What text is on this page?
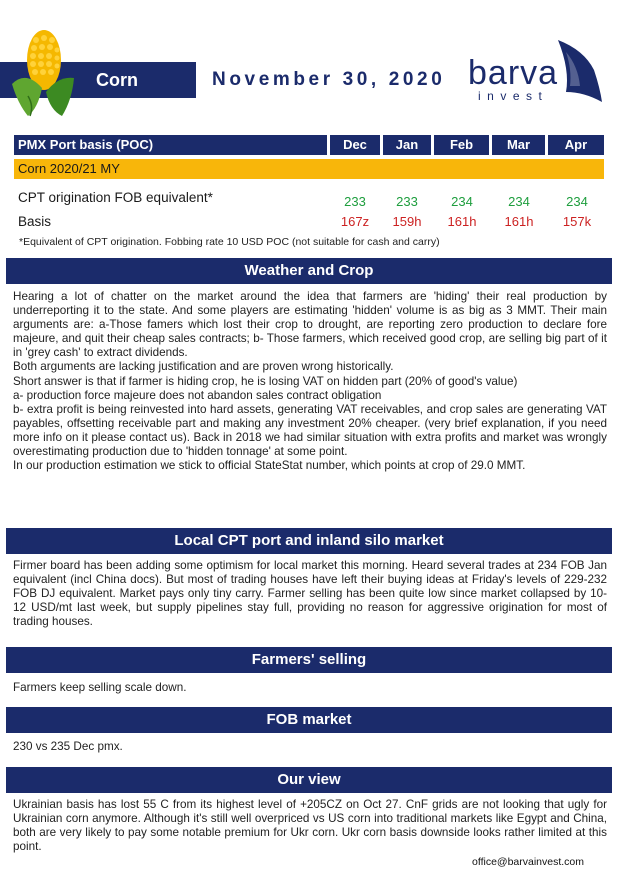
Corn	November 30, 2020 barva
invest
PMX Port basis (POC)	Dec	Jan	Feb	Mar	Apr
Corn 2020/21 MY
CPT origination FOB equivalent*	233	233	234	234	234
Basis	167z	159h	161h	161h	157k
*Equivalent of CPT origination. Fobbing rate 10 USD POC (not suitable for cash and carry)
Weather and Crop

Hearing a lot of chatter on the market around the idea that farmers are 'hiding' their real production by underreporting it to the state. And some players are estimating 'hidden' volume is as big as 3 MMT. Their main arguments are: a-Those famers which lost their crop to drought, are reporting zero production to declare fore majeure, and quit their cheap sales contracts; b- Those farmers, which received good crop, are selling big part of it in 'grey cash' to extract dividends.

Both arguments are lacking justification and are proven wrong historically.

Short answer is that if farmer is hiding crop, he is losing VAT on hidden part (20% of good's value)

a- production force majeure does not abandon sales contract obligation

b- extra profit is being reinvested into hard assets, generating VAT receivables, and crop sales are generating VAT payables, offsetting receivable part and making any investment 20% cheaper. (very brief explanation, if you need more info on it please contact us). Back in 2018 we had similar situation with extra profits and market was wrongly overestimating production due to 'hidden tonnage' at some point.

In our production estimation we stick to official StateStat number, which points at crop of 29.0 MMT.

Local CPT port and inland silo market
Firmer board has been adding some optimism for local market this morning. Heard several trades at 234 FOB Jan equivalent (incl China docs). But most of trading houses have left their buying ideas at Friday's levels of 229-232 FOB DJ equivalent. Market pays only tiny carry. Farmer selling has been quite low since market collapsed by 10-12 USD/mt last week, but supply pipelines stay full, providing no reason for aggressive origination for most of trading houses.
Farmers' selling
Farmers keep selling scale down.
FOB market
230 vs 235 Dec pmx.
Our view
Ukrainian basis has lost 55 C from its highest level of +205CZ on Oct 27. CnF grids are not looking that ugly for Ukrainian corn anymore. Although it's still well overpriced vs US corn into traditional markets like Egypt and China, both are very likely to pay some notable premium for Ukr corn. Ukr corn basis downside looks rather limited at this point.
office@barvainvest.com
